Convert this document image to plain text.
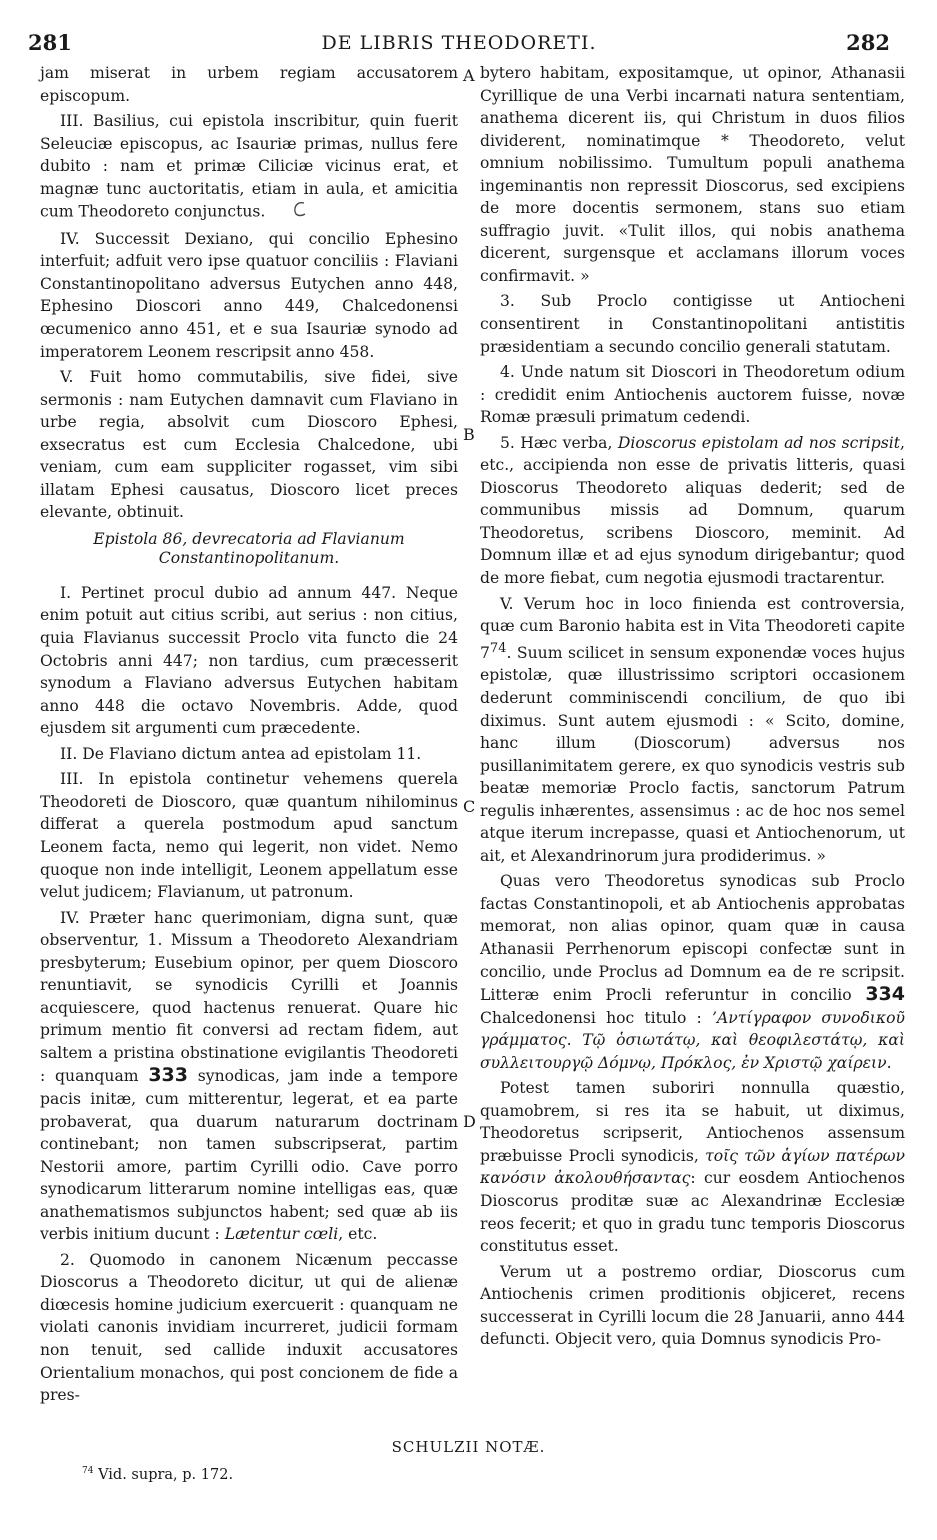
281	DE LIBRIS THEODORETI.	282
A
B
C
D

jam miserat in urbem regiam accusatorem episcopum.

III. Basilius, cui epistola inscribitur, quin fuerit Seleuciæ episcopus, ac Isauriæ primas, nullus fere dubito : nam et primæ Ciliciæ vicinus erat, et magnæ tunc auctoritatis, etiam in aula, et amicitia cum Theodoreto conjunctus.

IV. Successit Dexiano, qui concilio Ephesino interfuit; adfuit vero ipse quatuor conciliis : Flaviani Constantinopolitano adversus Eutychen anno 448, Ephesino Dioscori anno 449, Chalcedonensi œcumenico anno 451, et e sua Isauriæ synodo ad imperatorem Leonem rescripsit anno 458.

V. Fuit homo commutabilis, sive fidei, sive sermonis : nam Eutychen damnavit cum Flaviano in urbe regia, absolvit cum Dioscoro Ephesi, exsecratus est cum Ecclesia Chalcedone, ubi veniam, cum eam suppliciter rogasset, vim sibi illatam Ephesi causatus, Dioscoro licet preces elevante, obtinuit.

Epistola 86, devrecatoria ad Flavianum Constantinopolitanum.

I. Pertinet procul dubio ad annum 447. Neque enim potuit aut citius scribi, aut serius : non citius, quia Flavianus successit Proclo vita functo die 24 Octobris anni 447; non tardius, cum præcesserit synodum a Flaviano adversus Eutychen habitam anno 448 die octavo Novembris. Adde, quod ejusdem sit argumenti cum præcedente.

II. De Flaviano dictum antea ad epistolam 11.

III. In epistola continetur vehemens querela Theodoreti de Dioscoro, quæ quantum nihilominus differat a querela postmodum apud sanctum Leonem facta, nemo qui legerit, non videt. Nemo quoque non inde intelligit, Leonem appellatum esse velut judicem; Flavianum, ut patronum.

IV. Præter hanc querimoniam, digna sunt, quæ observentur, 1. Missum a Theodoreto Alexandriam presbyterum; Eusebium opinor, per quem Dioscoro renuntiavit, se synodicis Cyrilli et Joannis acquiescere, quod hactenus renuerat. Quare hic primum mentio fit conversi ad rectam fidem, aut saltem a pristina obstinatione evigilantis Theodoreti : quanquam 333 synodicas, jam inde a tempore pacis initæ, cum mitterentur, legerat, et ea parte probaverat, qua duarum naturarum doctrinam continebant; non tamen subscripserat, partim Nestorii amore, partim Cyrilli odio. Cave porro synodicarum litterarum nomine intelligas eas, quæ anathematismos subjunctos habent; sed quæ ab iis verbis initium ducunt : Lætentur cœli, etc.

2. Quomodo in canonem Nicænum peccasse Dioscorus a Theodoreto dicitur, ut qui de alienæ diœcesis homine judicium exercuerit : quanquam ne violati canonis invidiam incurreret, judicii formam non tenuit, sed callide induxit accusatores Orientalium monachos, qui post concionem de fide a pres-

bytero habitam, expositamque, ut opinor, Athanasii Cyrillique de una Verbi incarnati natura sententiam, anathema dicerent iis, qui Christum in duos filios dividerent, nominatimque * Theodoreto, velut omnium nobilissimo. Tumultum populi anathema ingeminantis non repressit Dioscorus, sed excipiens de more docentis sermonem, stans suo etiam suffragio juvit. «Tulit illos, qui nobis anathema dicerent, surgensque et acclamans illorum voces confirmavit. »

3. Sub Proclo contigisse ut Antiocheni consentirent in Constantinopolitani antistitis præsidentiam a secundo concilio generali statutam.

4. Unde natum sit Dioscori in Theodoretum odium : credidit enim Antiochenis auctorem fuisse, novæ Romæ præsuli primatum cedendi.

5. Hæc verba, Dioscorus epistolam ad nos scripsit, etc., accipienda non esse de privatis litteris, quasi Dioscorus Theodoreto aliquas dederit; sed de communibus missis ad Domnum, quarum Theodoretus, scribens Dioscoro, meminit. Ad Domnum illæ et ad ejus synodum dirigebantur; quod de more fiebat, cum negotia ejusmodi tractarentur.

V. Verum hoc in loco finienda est controversia, quæ cum Baronio habita est in Vita Theodoreti capite $7^{74}$. Suum scilicet in sensum exponendæ voces hujus epistolæ, quæ illustrissimo scriptori occasionem dederunt comminiscendi concilium, de quo ibi diximus. Sunt autem ejusmodi : « Scito, domine, hanc illum (Dioscorum) adversus nos pusillanimitatem gerere, ex quo synodicis vestris sub beatæ memoriæ Proclo factis, sanctorum Patrum regulis inhærentes, assensimus : ac de hoc nos semel atque iterum increpasse, quasi et Antiochenorum, ut ait, et Alexandrinorum jura prodiderimus. »

Quas vero Theodoretus synodicas sub Proclo factas Constantinopoli, et ab Antiochenis approbatas memorat, non alias opinor, quam quæ in causa Athanasii Perrhenorum episcopi confectæ sunt in concilio, unde Proclus ad Domnum ea de re scripsit. Litteræ enim Procli referuntur in concilio 334 Chalcedonensi hoc titulo : ’Αντίγραφον συνοδικοῦ γράμματος. Τῷ ὁσιωτάτῳ, καὶ θεοφιλεστάτῳ, καὶ συλλειτουργῷ Δόμνῳ, Πρόκλος, ἐν Χριστῷ χαίρειν.

Potest tamen suboriri nonnulla quæstio, quamobrem, si res ita se habuit, ut diximus, Theodoretus scripserit, Antiochenos assensum præbuisse Procli synodicis, τοῖς τῶν ἁγίων πατέρων κανόσιν ἀκολουθήσαντας: cur eosdem Antiochenos Dioscorus proditæ suæ ac Alexandrinæ Ecclesiæ reos fecerit; et quo in gradu tunc temporis Dioscorus constitutus esset.

Verum ut a postremo ordiar, Dioscorus cum Antiochenis crimen proditionis objiceret, recens successerat in Cyrilli locum die 28 Januarii, anno 444 defuncti. Objecit vero, quia Domnus synodicis Pro-

SCHULZII NOTÆ.
$^{74}$ Vid. supra, p. 172.
